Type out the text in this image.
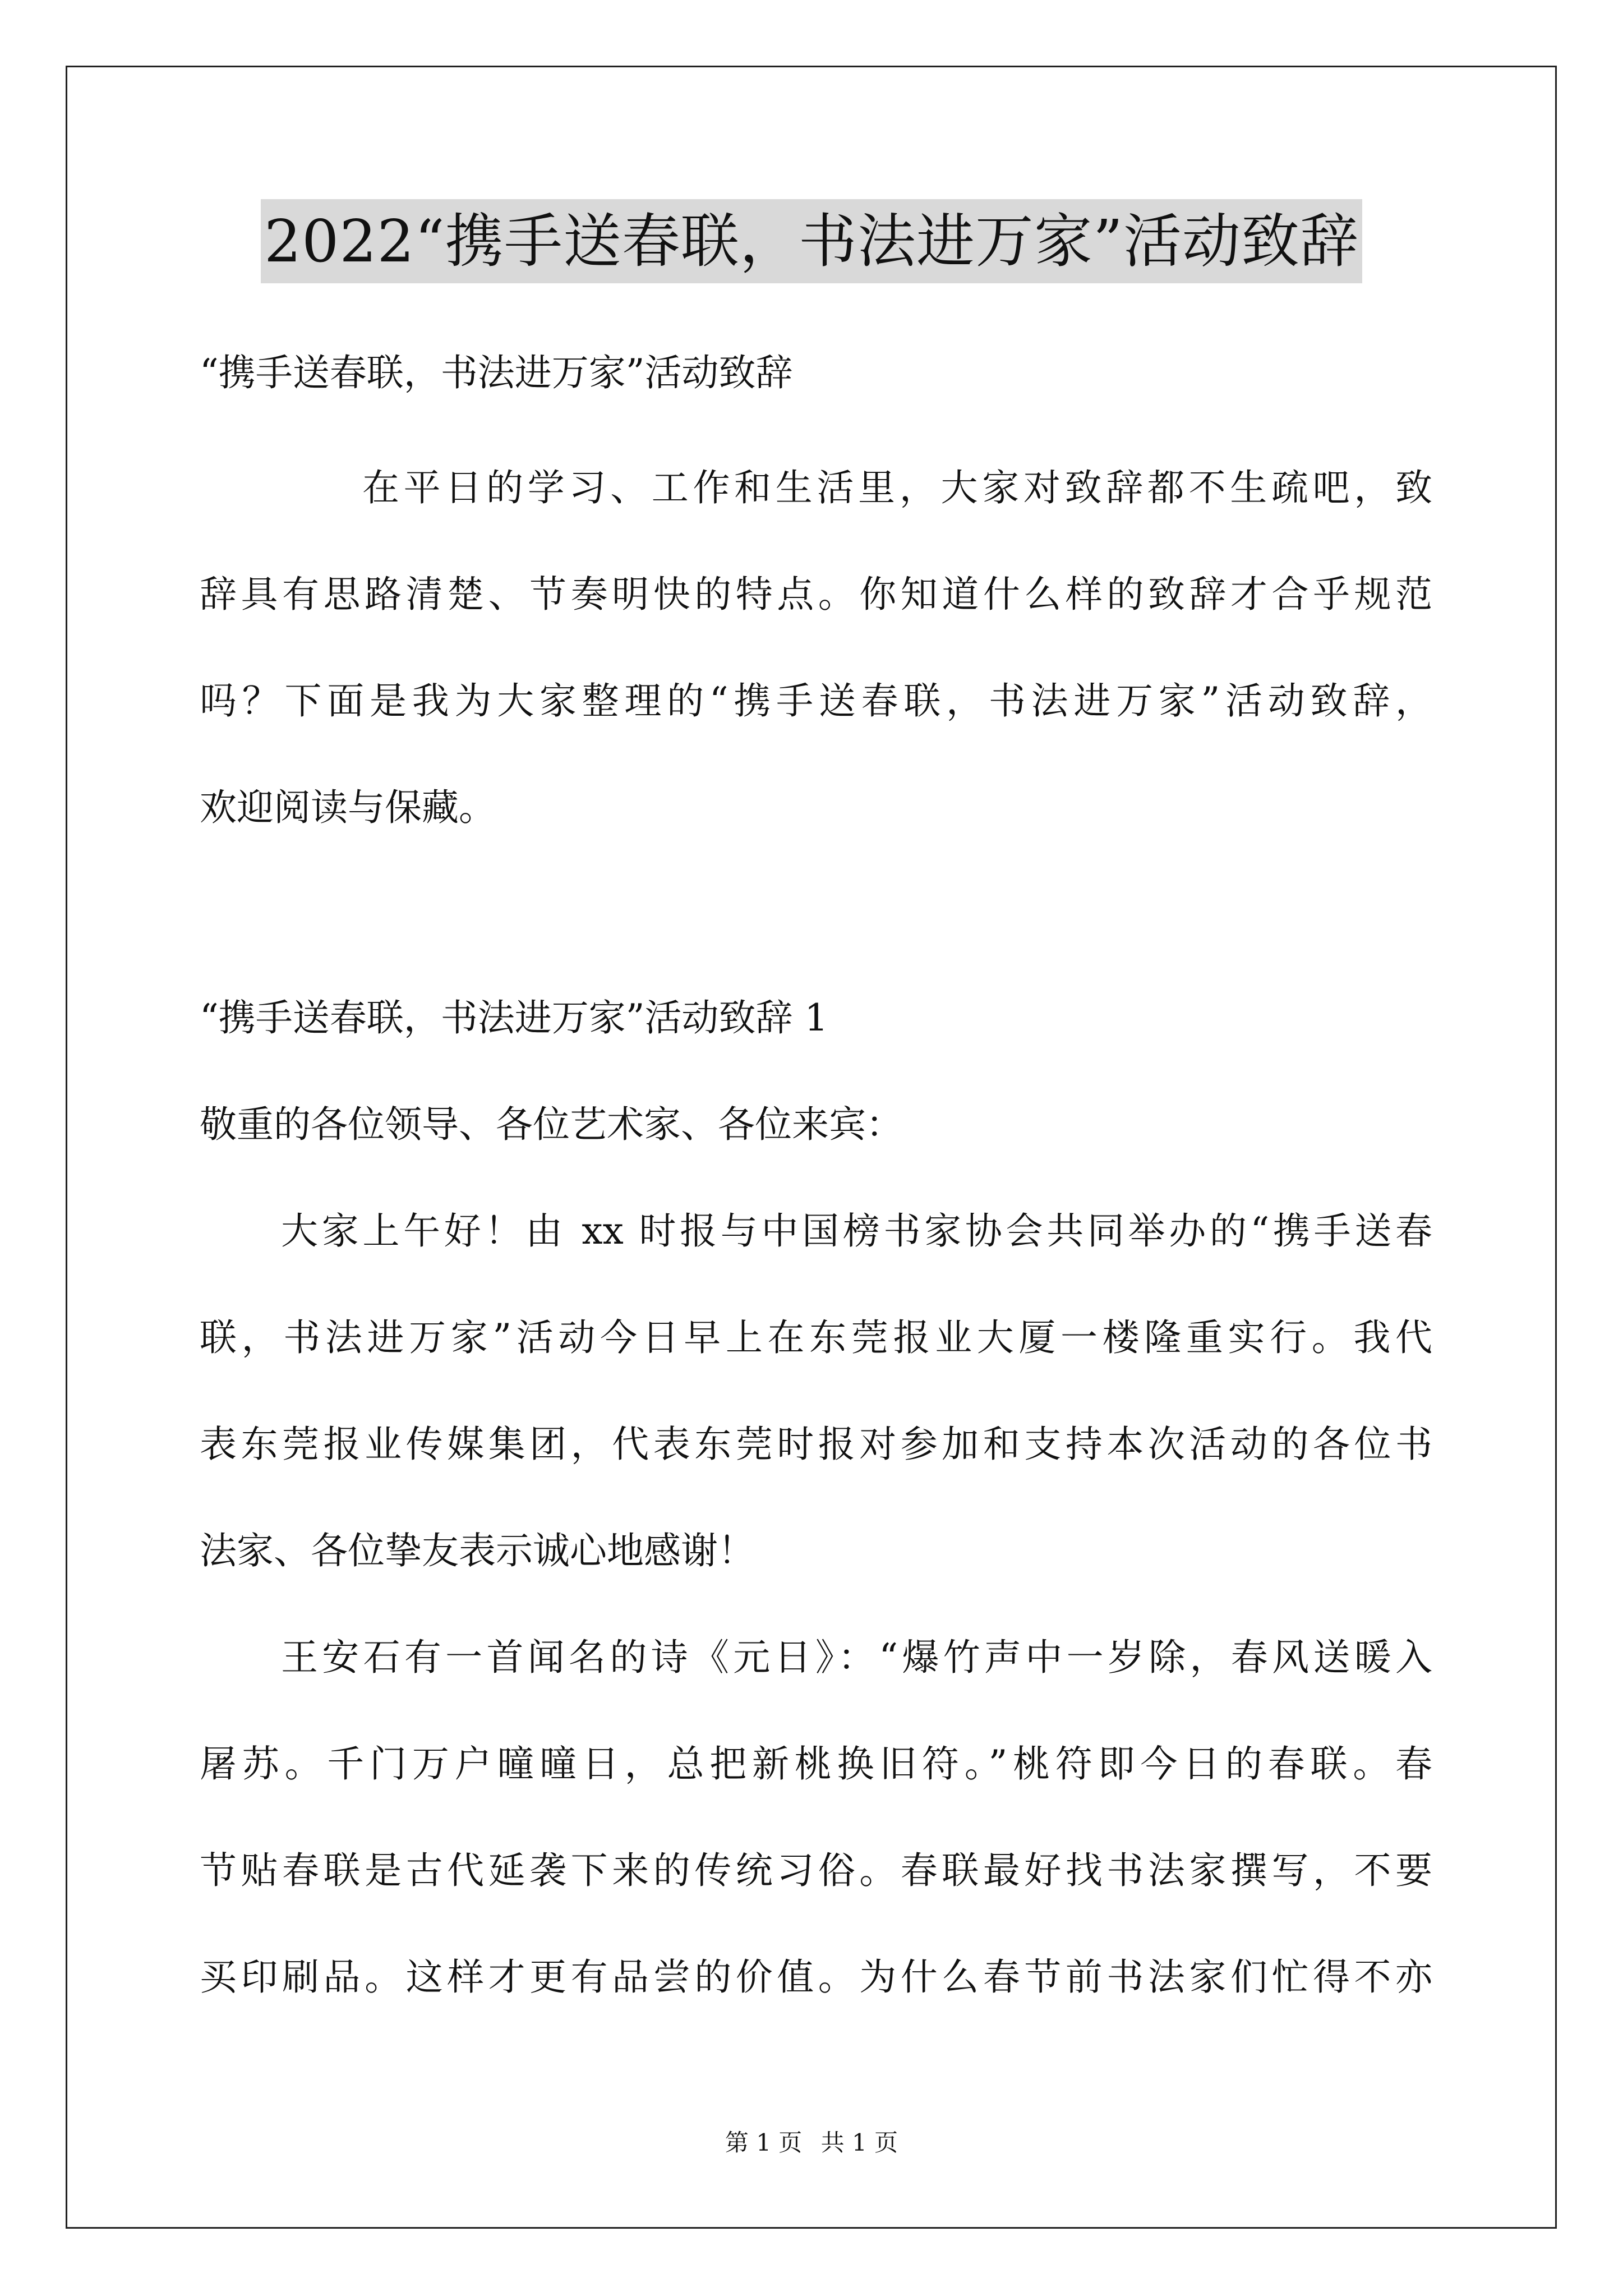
2022“携手送春联，书法进万家”活动致辞
“携手送春联，书法进万家”活动致辞
在平日的学习、工作和生活里，大家对致辞都不生疏吧，致
辞具有思路清楚、节奏明快的特点。你知道什么样的致辞才合乎规范
吗？下面是我为大家整理的“携手送春联，书法进万家”活动致辞，
欢迎阅读与保藏。
“携手送春联，书法进万家”活动致辞 1
敬重的各位领导、各位艺术家、各位来宾：
大家上午好！由 xx 时报与中国榜书家协会共同举办的“携手送春
联，书法进万家”活动今日早上在东莞报业大厦一楼隆重实行。我代
表东莞报业传媒集团，代表东莞时报对参加和支持本次活动的各位书
法家、各位挚友表示诚心地感谢！
王安石有一首闻名的诗《元日》：“爆竹声中一岁除，春风送暖入
屠苏。千门万户曈曈日，总把新桃换旧符。”桃符即今日的春联。春
节贴春联是古代延袭下来的传统习俗。春联最好找书法家撰写，不要
买印刷品。这样才更有品尝的价值。为什么春节前书法家们忙得不亦
第 1 页 共 1 页
